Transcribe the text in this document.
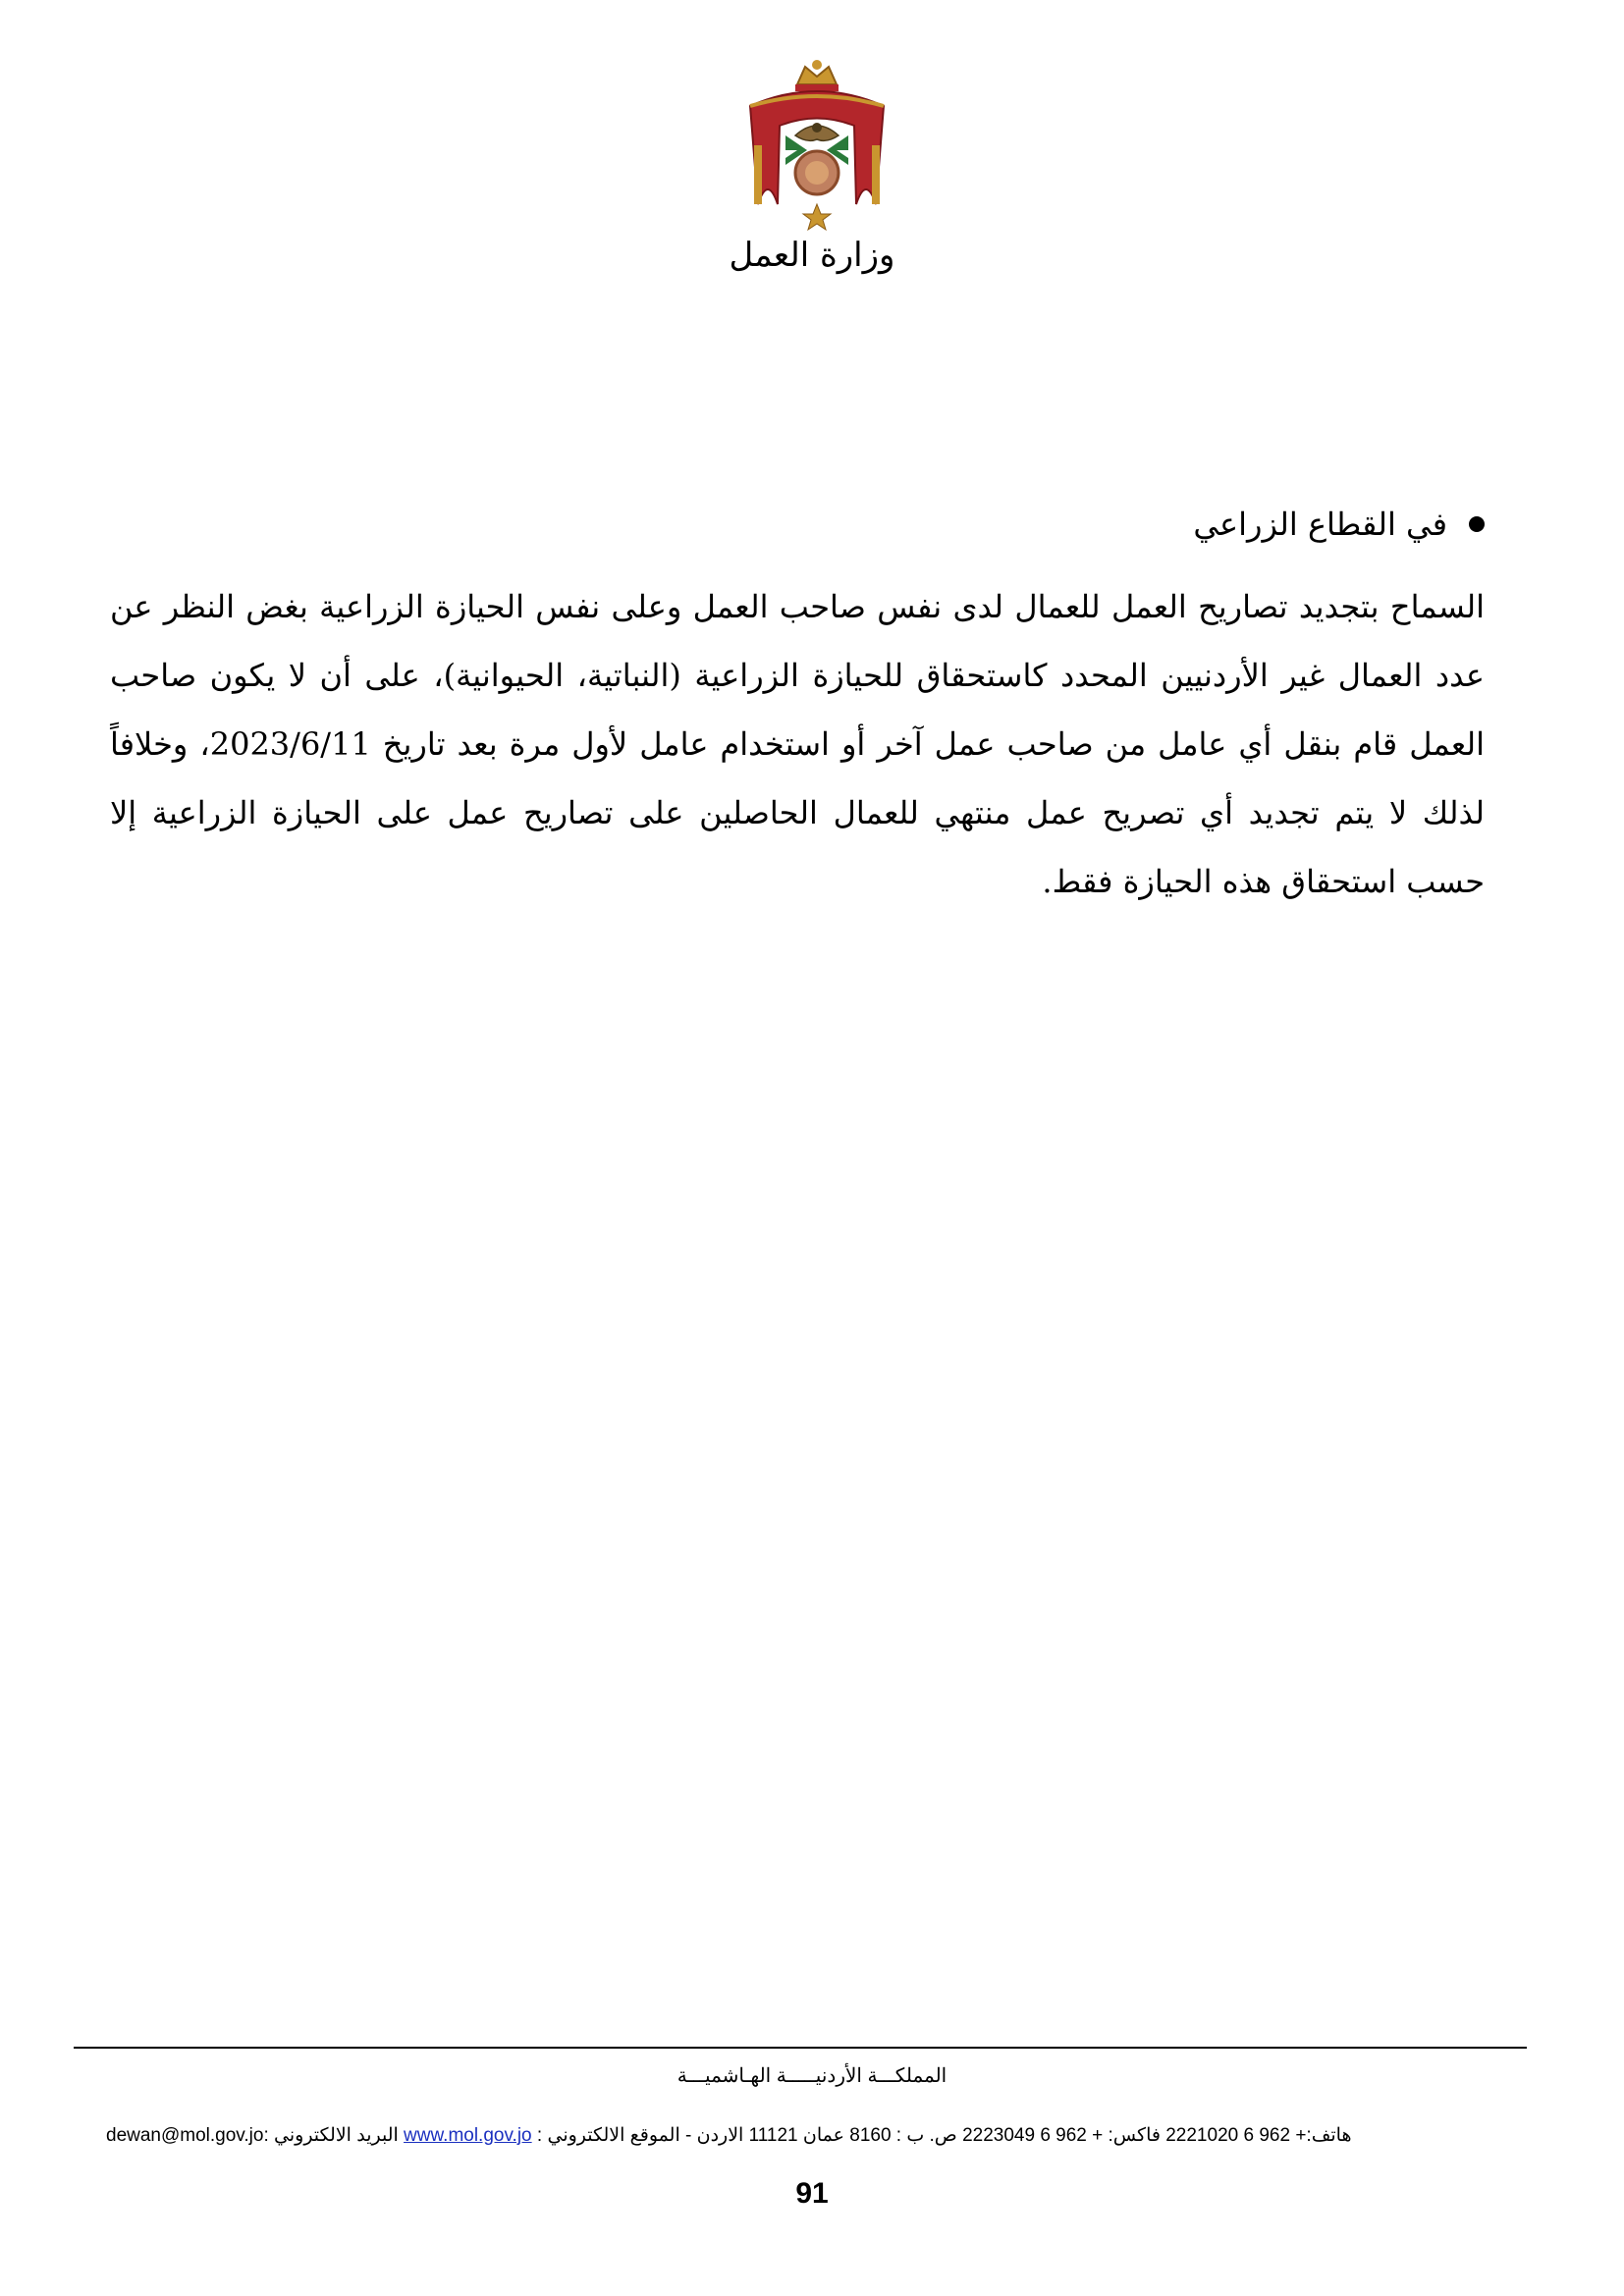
وزارة العمل
في القطاع الزراعي

السماح بتجديد تصاريح العمل للعمال لدى نفس صاحب العمل وعلى نفس الحيازة الزراعية بغض النظر عن عدد العمال غير الأردنيين المحدد كاستحقاق للحيازة الزراعية (النباتية، الحيوانية)، على أن لا يكون صاحب العمل قام بنقل أي عامل من صاحب عمل آخر أو استخدام عامل لأول مرة بعد تاريخ 2023/6/11، وخلافاً لذلك لا يتم تجديد أي تصريح عمل منتهي للعمال الحاصلين على تصاريح عمل على الحيازة الزراعية إلا حسب استحقاق هذه الحيازة فقط.

المملكـــة الأردنيـــــة الهـاشميـــة
هاتف:+ 962 6 2221020 فاكس: + 962 6 2223049 ص. ب : 8160 عمان 11121 الاردن - الموقع الالكتروني : www.mol.gov.jo البريد الالكتروني :dewan@mol.gov.jo
91
